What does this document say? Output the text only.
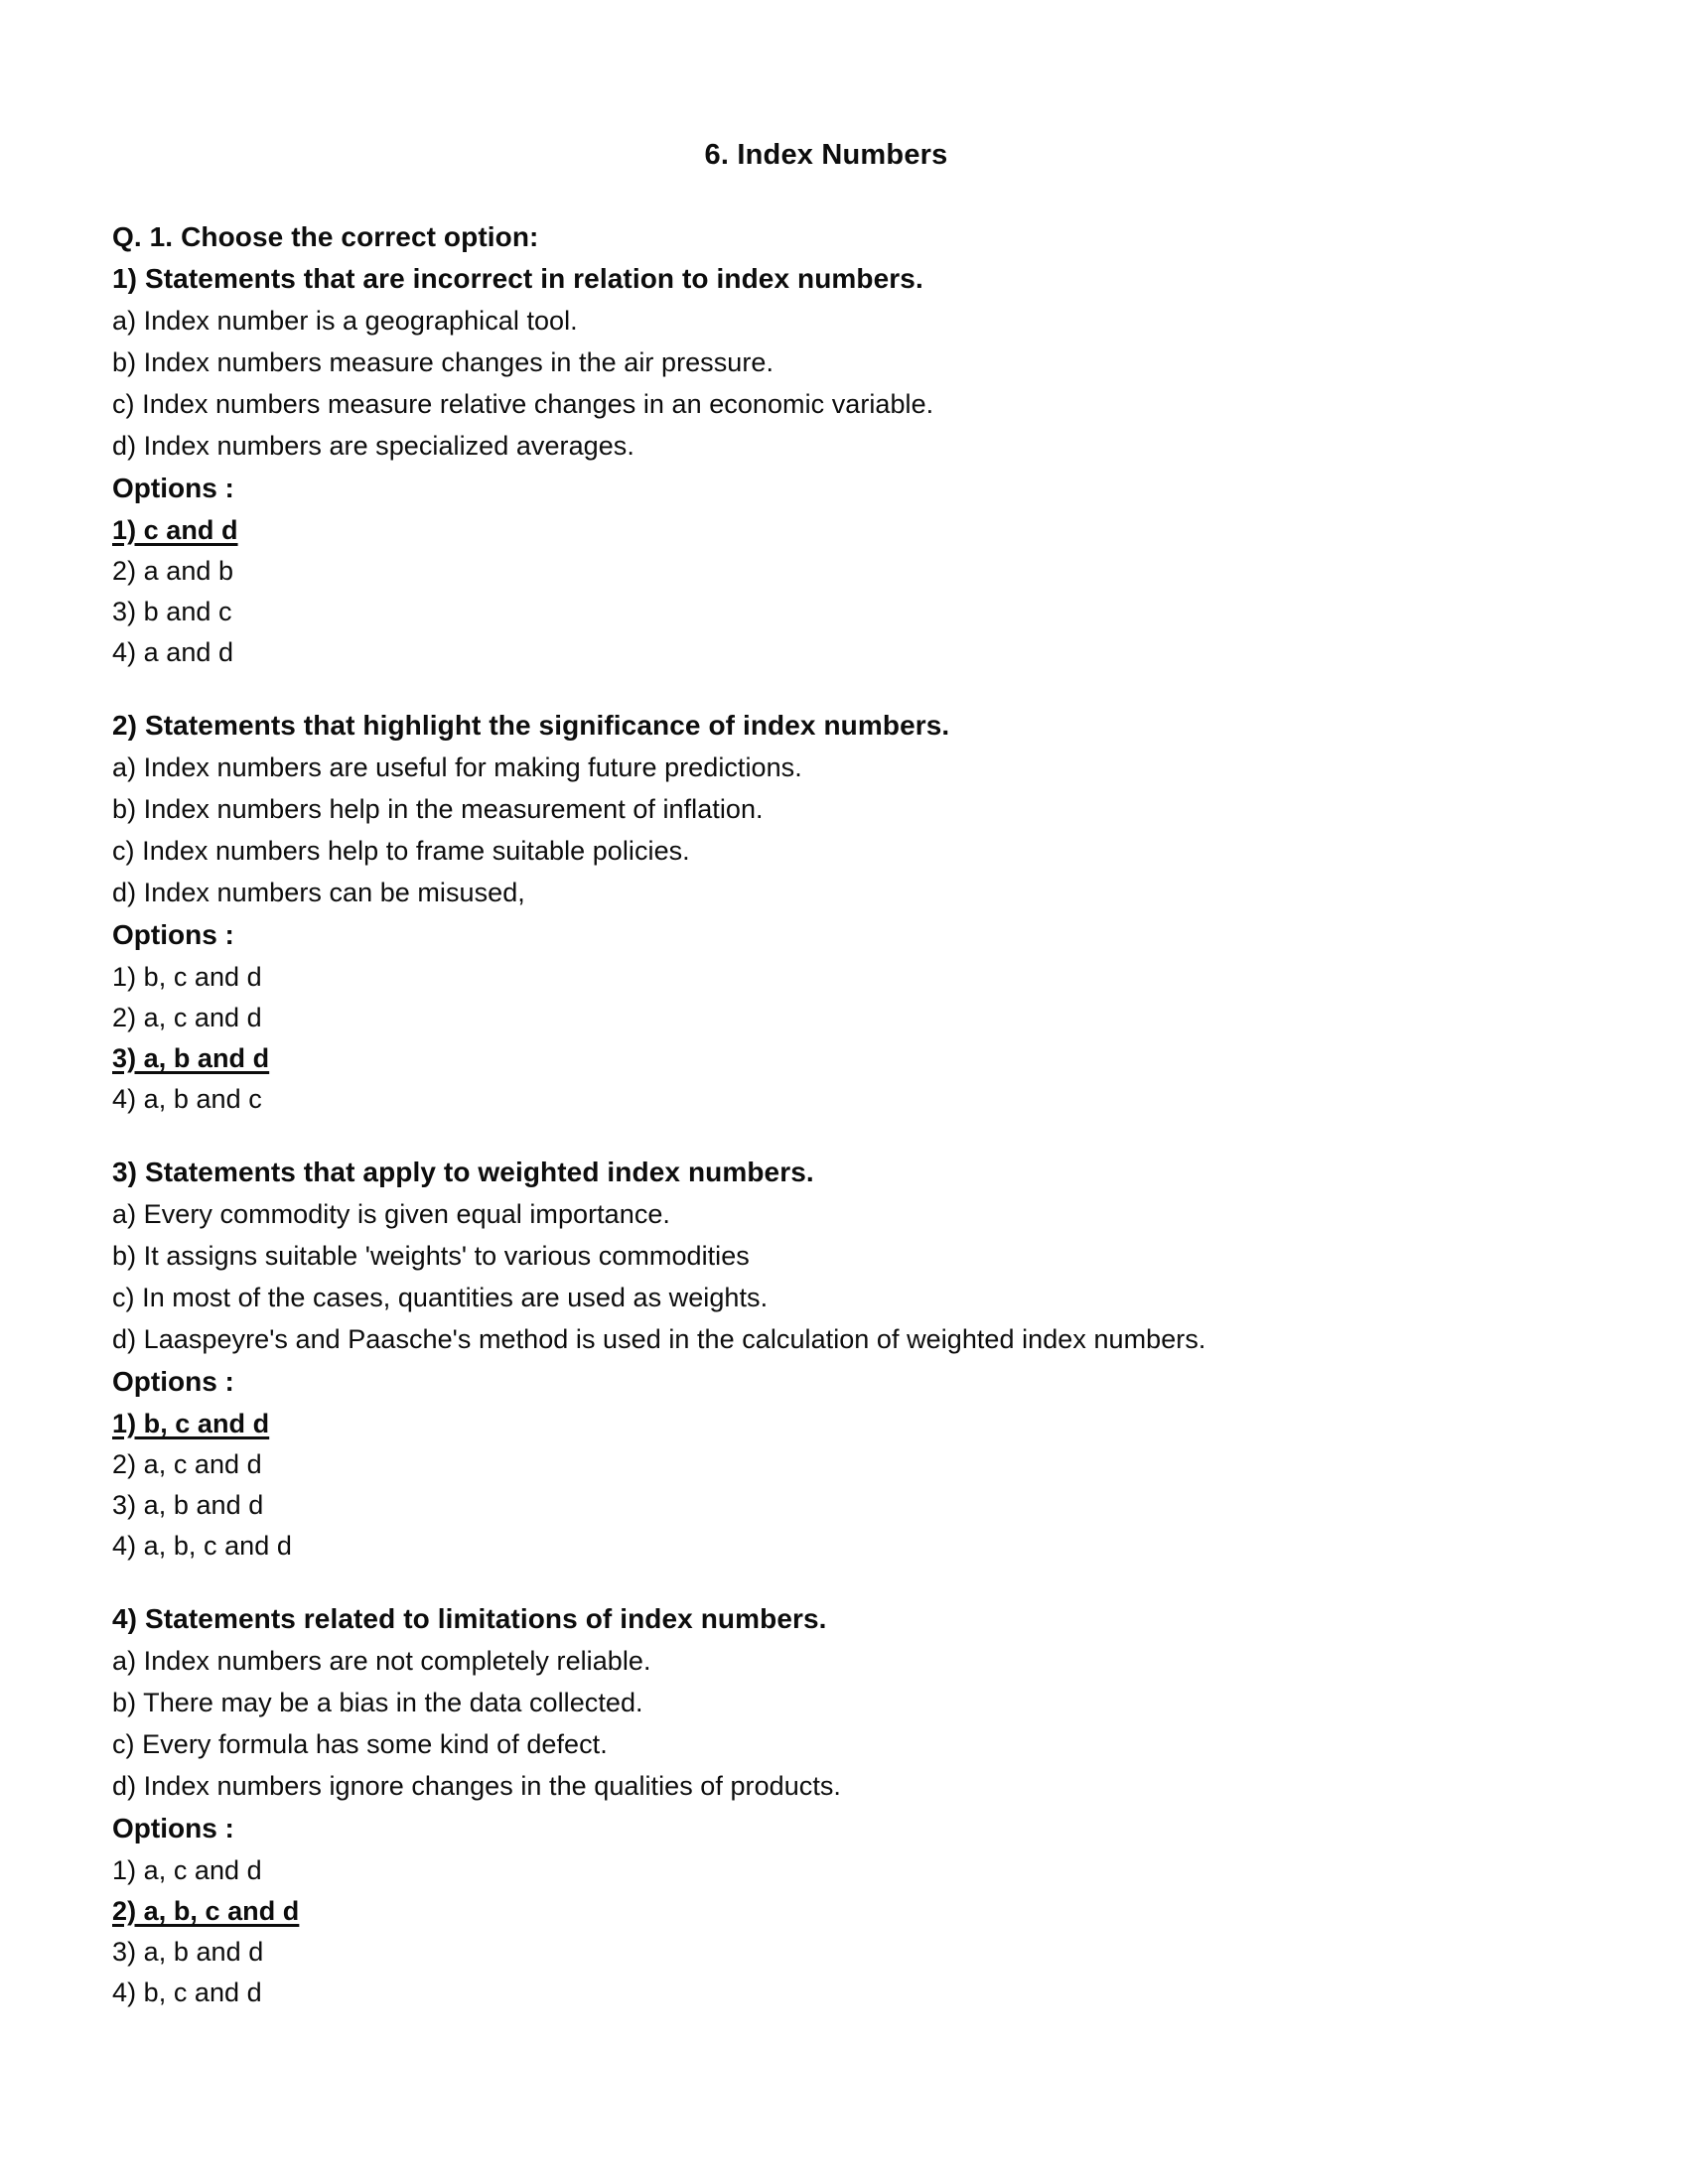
6. Index Numbers
Q. 1. Choose the correct option:
1) Statements that are incorrect in relation to index numbers.
a) Index number is a geographical tool.
b) Index numbers measure changes in the air pressure.
c) Index numbers measure relative changes in an economic variable.
d) Index numbers are specialized averages.
Options :
1) c and d
2) a and b
3) b and c
4) a and d
2) Statements that highlight the significance of index numbers.
a) Index numbers are useful for making future predictions.
b) Index numbers help in the measurement of inflation.
c) Index numbers help to frame suitable policies.
d) Index numbers can be misused,
Options :
1) b, c and d
2) a, c and d
3) a, b and d
4) a, b and c
3) Statements that apply to weighted index numbers.
a) Every commodity is given equal importance.
b) It assigns suitable 'weights' to various commodities
c) In most of the cases, quantities are used as weights.
d) Laaspeyre's and Paasche's method is used in the calculation of weighted index numbers.
Options :
1) b, c and d
2) a, c and d
3) a, b and d
4) a, b, c and d
4) Statements related to limitations of index numbers.
a) Index numbers are not completely reliable.
b) There may be a bias in the data collected.
c) Every formula has some kind of defect.
d) Index numbers ignore changes in the qualities of products.
Options :
1) a, c and d
2) a, b, c and d
3) a, b and d
4) b, c and d
